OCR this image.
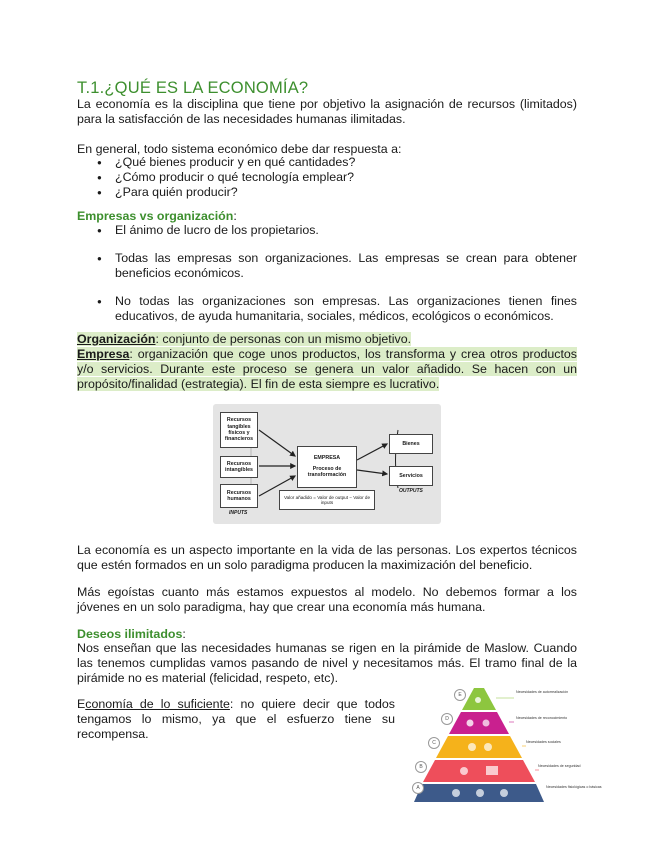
T.1.¿QUÉ ES LA ECONOMÍA?
La economía es la disciplina que tiene por objetivo la asignación de recursos (limitados) para la satisfacción de las necesidades humanas ilimitadas.
En general, todo sistema económico debe dar respuesta a:
● ¿Qué bienes producir y en qué cantidades?
● ¿Cómo producir o qué tecnología emplear?
● ¿Para quién producir?
Empresas vs organización:
● El ánimo de lucro de los propietarios.
● Todas las empresas son organizaciones. Las empresas se crean para obtener beneficios económicos.
● No todas las organizaciones son empresas. Las organizaciones tienen fines educativos, de ayuda humanitaria, sociales, médicos, ecológicos o económicos.
Organización: conjunto de personas con un mismo objetivo.
Empresa: organización que coge unos productos, los transforma y crea otros productos y/o servicios. Durante este proceso se genera un valor añadido. Se hacen con un propósito/finalidad (estrategia). El fin de esta siempre es lucrativo.
Recursos tangibles físicos y financieros
Recursos intangibles
Recursos humanos
INPUTS
EMPRESA
Proceso de transformación
Valor añadido = Valor de output − Valor de inputs
Bienes
Servicios
OUTPUTS
La economía es un aspecto importante en la vida de las personas. Los expertos técnicos que estén formados en un solo paradigma producen la maximización del beneficio.
Más egoístas cuanto más estamos expuestos al modelo. No debemos formar a los jóvenes en un solo paradigma, hay que crear una economía más humana.
Deseos ilimitados:
Nos enseñan que las necesidades humanas se rigen en la pirámide de Maslow. Cuando las tenemos cumplidas vamos pasando de nivel y necesitamos más. El tramo final de la pirámide no es material (felicidad, respeto, etc).
Economía de lo suficiente: no quiere decir que todos tengamos lo mismo, ya que el esfuerzo tiene su recompensa.
E
D
C
B
A
Necesidades de autorrealización
Necesidades de reconocimiento
Necesidades sociales
Necesidades de seguridad
Necesidades fisiológicas o básicas
